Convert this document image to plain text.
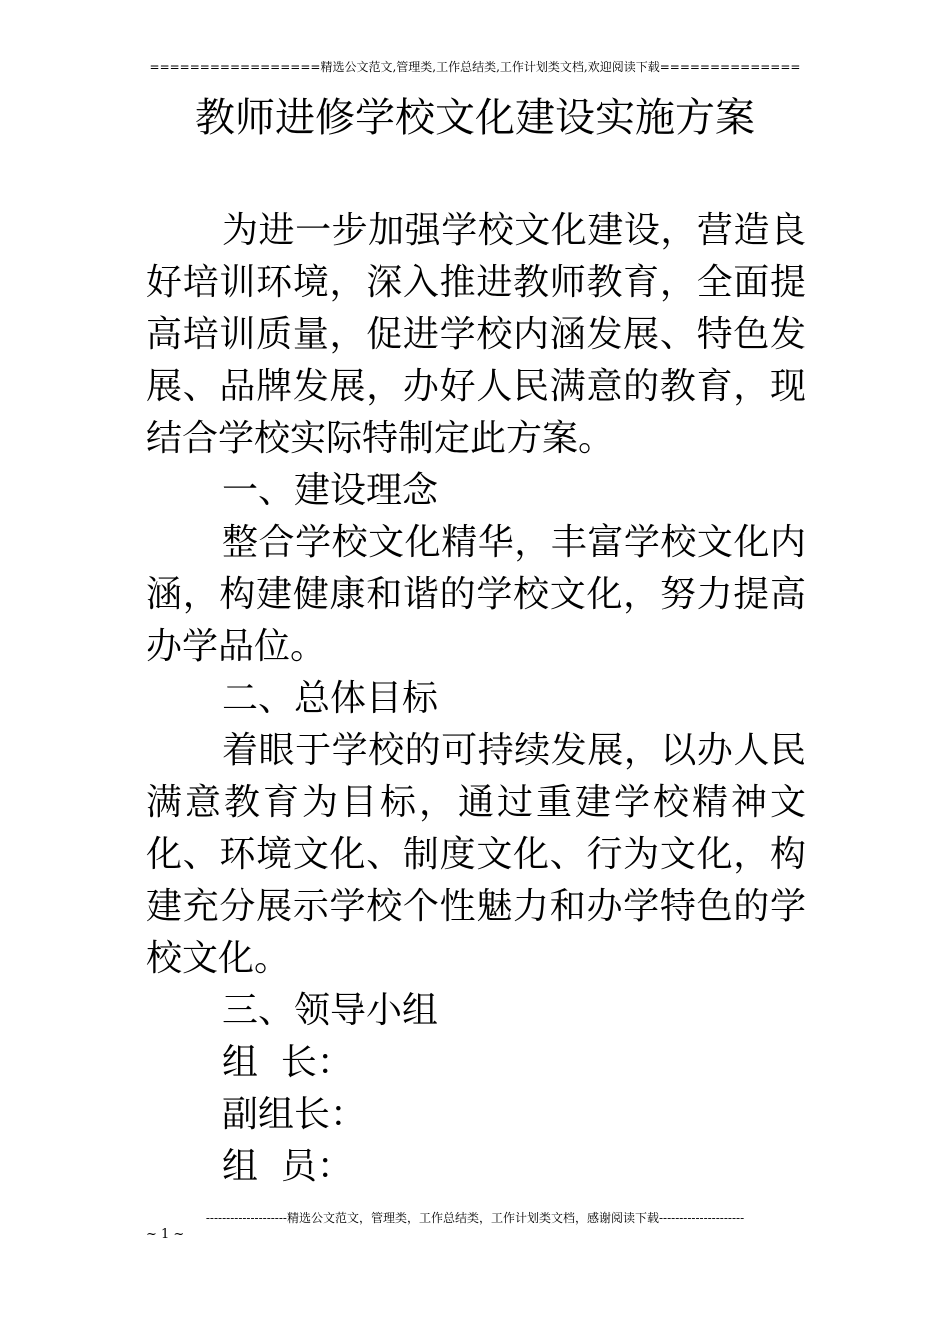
=================精选公文范文,管理类,工作总结类,工作计划类文档,欢迎阅读下载==============
教师进修学校文化建设实施方案

为进一步加强学校文化建设，营造良好培训环境，深入推进教师教育，全面提高培训质量，促进学校内涵发展、特色发展、品牌发展，办好人民满意的教育，现结合学校实际特制定此方案。

一、建设理念

整合学校文化精华，丰富学校文化内涵，构建健康和谐的学校文化，努力提高办学品位。

二、总体目标

着眼于学校的可持续发展，以办人民满意教育为目标，通过重建学校精神文化、环境文化、制度文化、行为文化，构建充分展示学校个性魅力和办学特色的学校文化。

三、领导小组

组  长：

副组长：

组  员：

--------------------精选公文范文，管理类，工作总结类，工作计划类文档，感谢阅读下载---------------------
~ 1 ~
